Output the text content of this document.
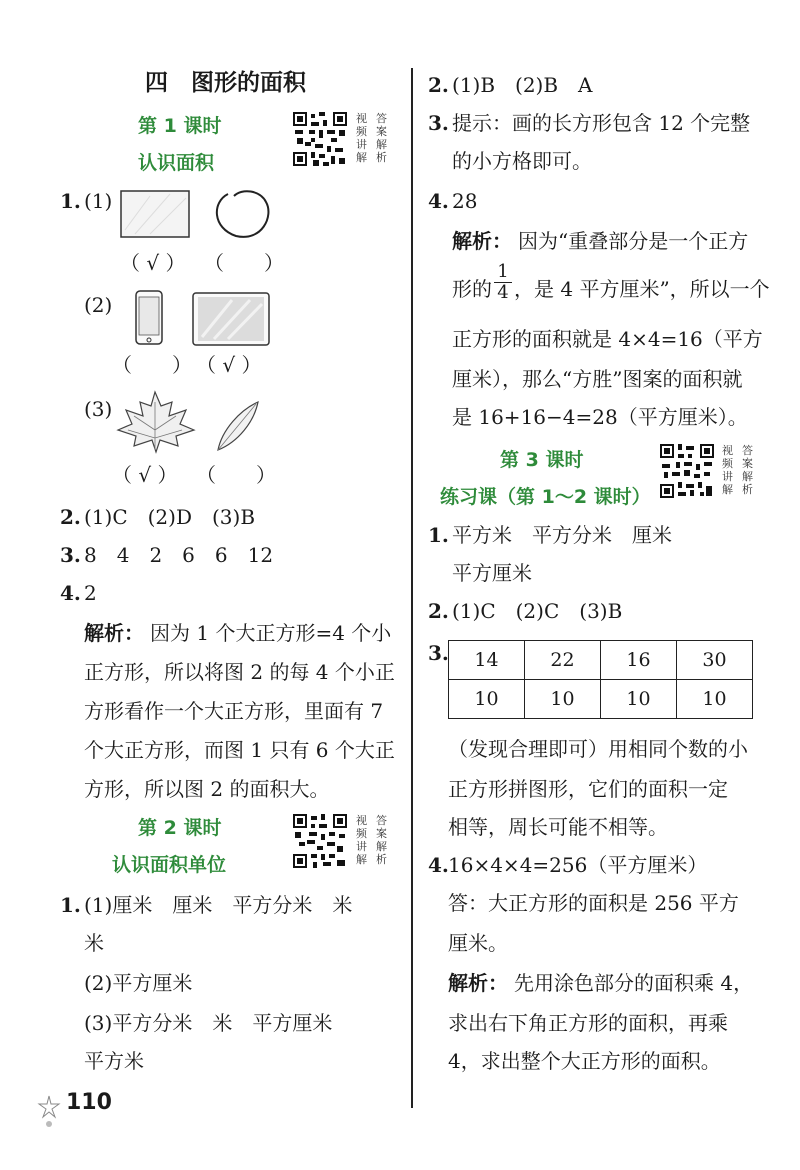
四　图形的面积
第 1 课时
认识面积
视
频
讲
解
答
案
解
析
1. (1)
（ √ ） （　　）
(2)
（　　） （ √ ）
(3)
（ √ ） （　　）
2. (1)C　(2)D　(3)B
3. 8　4　2　6　6　12
4. 2
解析： 因为 1 个大正方形=4 个小
正方形，所以将图 2 的每 4 个小正
方形看作一个大正方形，里面有 7
个大正方形，而图 1 只有 6 个大正
方形，所以图 2 的面积大。
第 2 课时
认识面积单位
视
频
讲
解
答
案
解
析
1. (1)厘米　厘米　平方分米　米
米
(2)平方厘米
(3)平方分米　米　平方厘米
平方米
2. (1)B　(2)B　A
3. 提示：画的长方形包含 12 个完整
的小方格即可。
4. 28
解析： 因为“重叠部分是一个正方
形的 $\frac{1}{4}$ ，是 4 平方厘米”，所以一个
正方形的面积就是 4×4=16（平方
厘米），那么“方胜”图案的面积就
是 16+16−4=28（平方厘米）。
第 3 课时
练习课（第 1～2 课时）
视
频
讲
解
答
案
解
析
1. 平方米　平方分米　厘米
平方厘米
2. (1)C　(2)C　(3)B
3. 14	22	16	30
10	10	10	10
（发现合理即可）用相同个数的小
正方形拼图形，它们的面积一定
相等，周长可能不相等。
4. 16×4×4=256（平方厘米）
答：大正方形的面积是 256 平方
厘米。
解析： 先用涂色部分的面积乘 4，
求出右下角正方形的面积，再乘
4，求出整个大正方形的面积。
110
